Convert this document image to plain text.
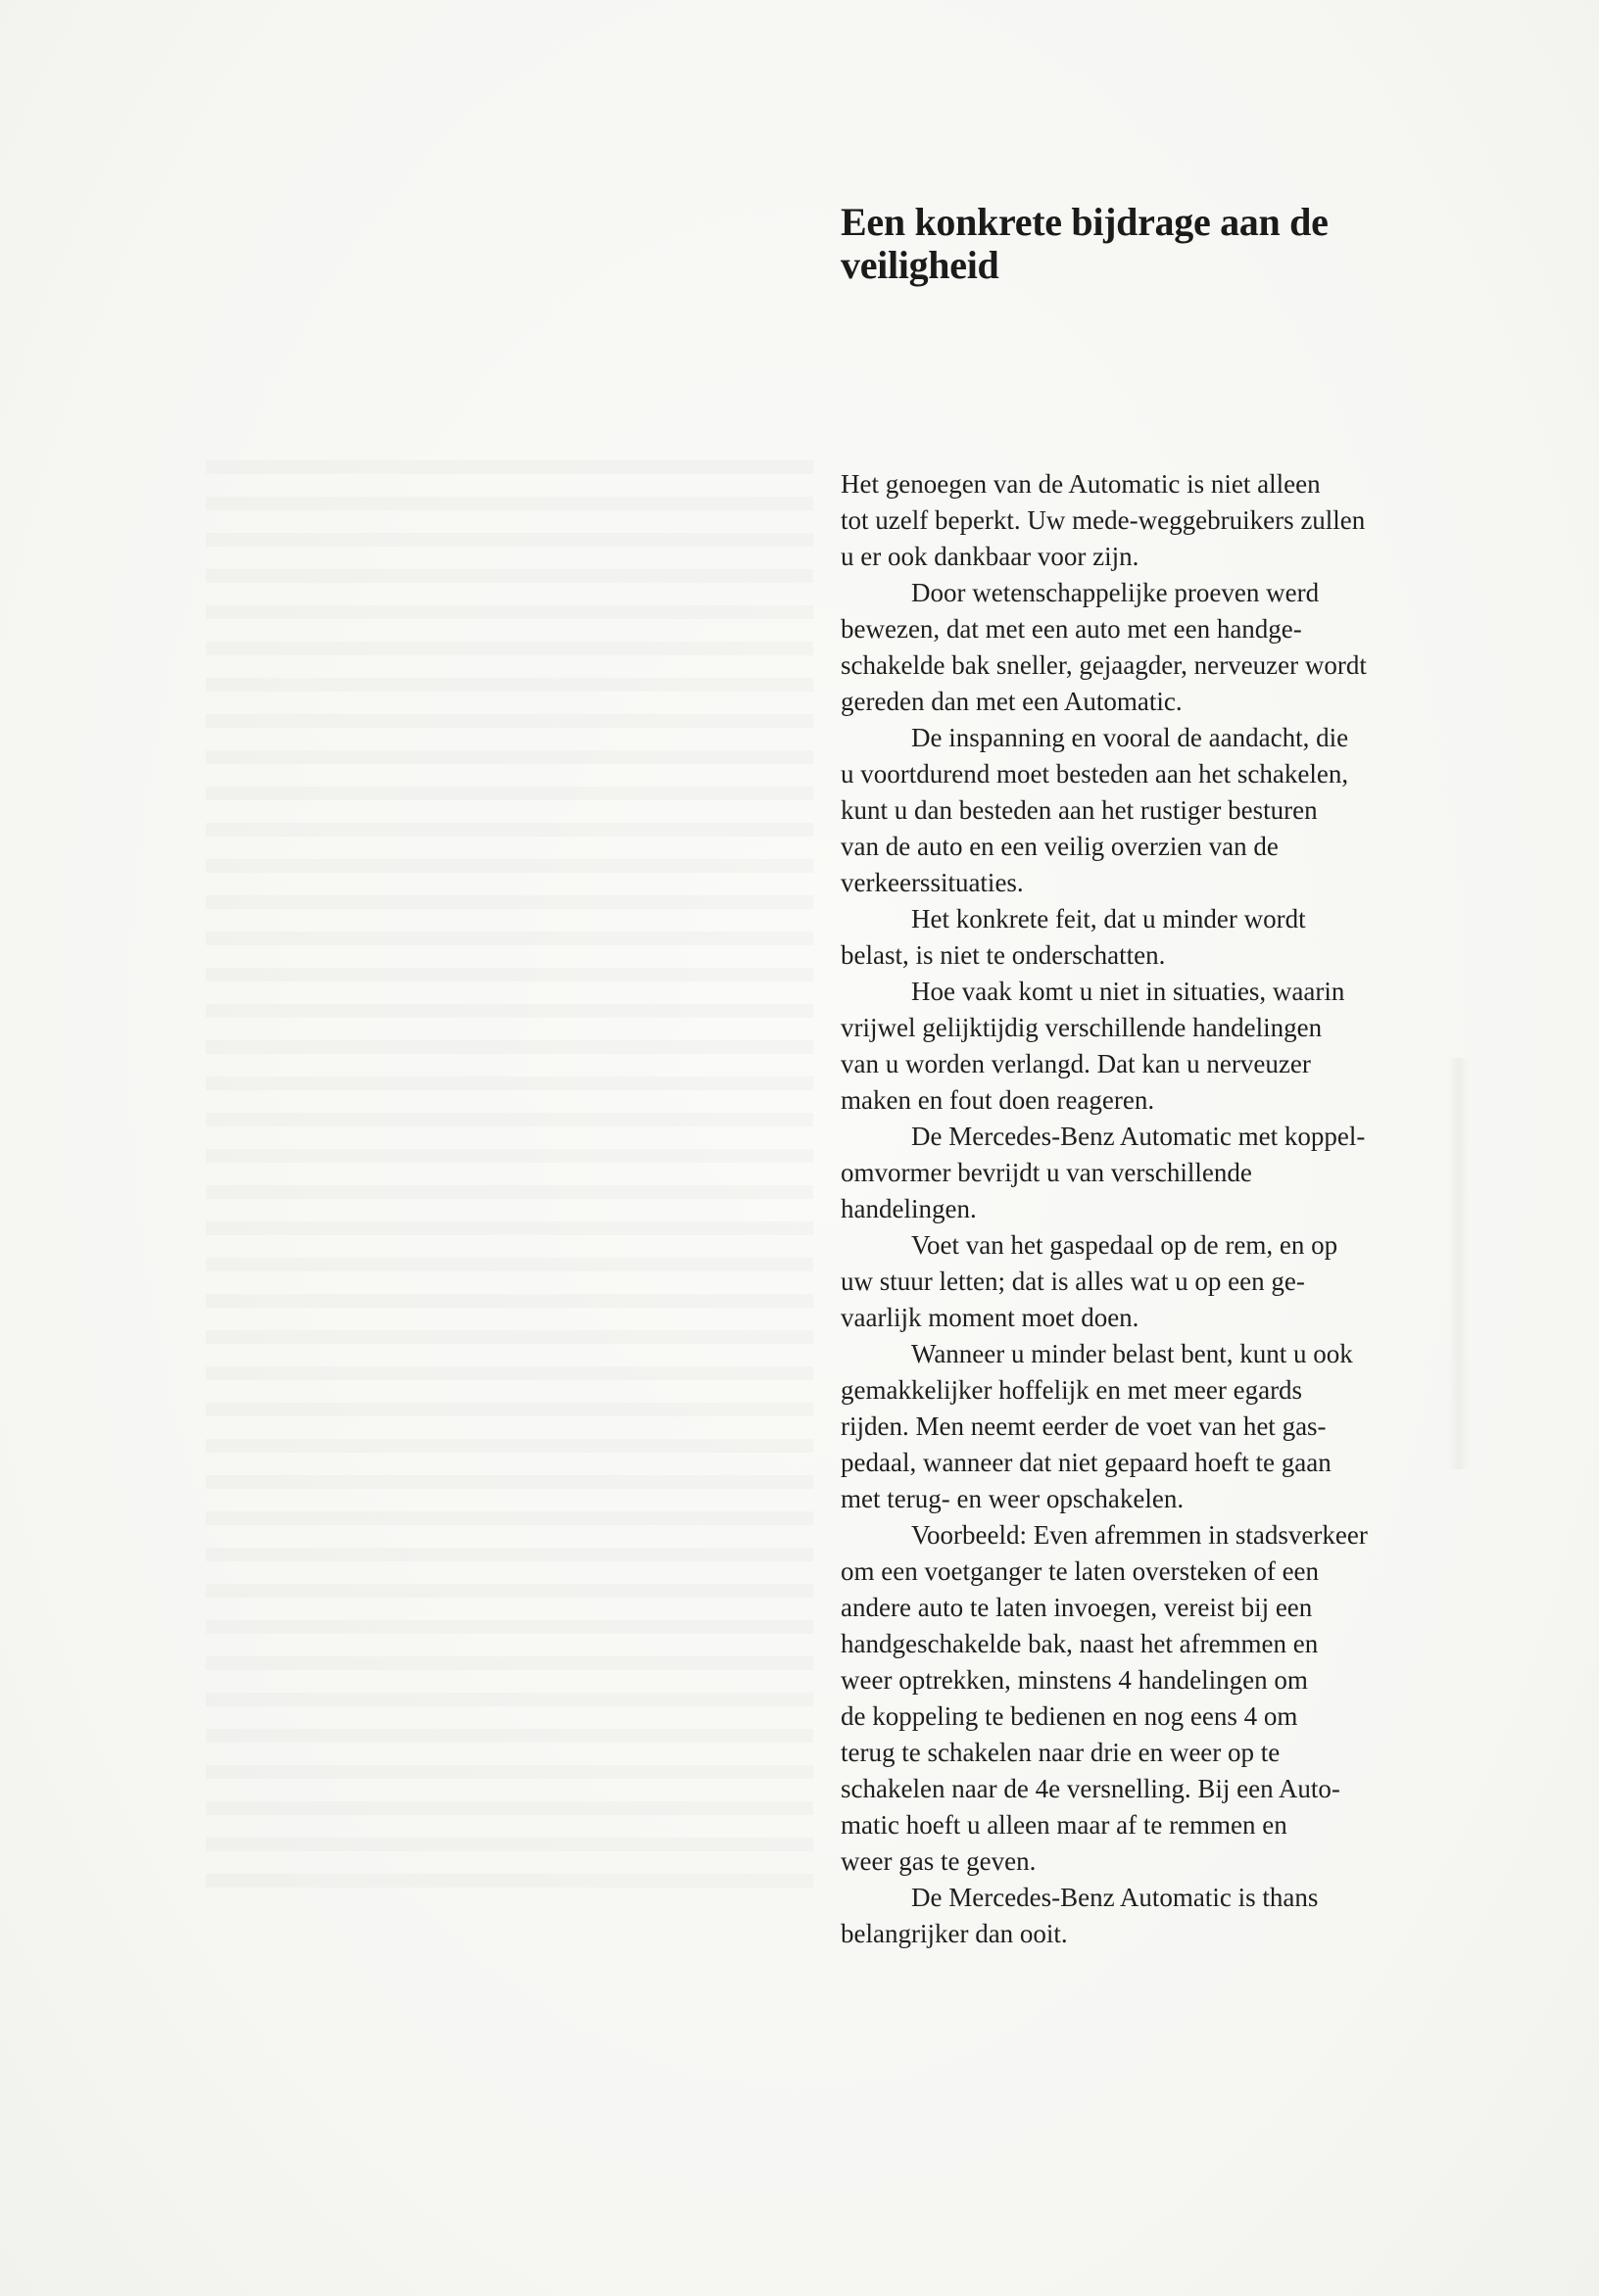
Een konkrete bijdrage aan de
veiligheid

Het genoegen van de Automatic is niet alleen

tot uzelf beperkt. Uw mede-weggebruikers zullen

u er ook dankbaar voor zijn.

Door wetenschappelijke proeven werd

bewezen, dat met een auto met een handge-

schakelde bak sneller, gejaagder, nerveuzer wordt

gereden dan met een Automatic.

De inspanning en vooral de aandacht, die

u voortdurend moet besteden aan het schakelen,

kunt u dan besteden aan het rustiger besturen

van de auto en een veilig overzien van de

verkeerssituaties.

Het konkrete feit, dat u minder wordt

belast, is niet te onderschatten.

Hoe vaak komt u niet in situaties, waarin

vrijwel gelijktijdig verschillende handelingen

van u worden verlangd. Dat kan u nerveuzer

maken en fout doen reageren.

De Mercedes-Benz Automatic met koppel-

omvormer bevrijdt u van verschillende

handelingen.

Voet van het gaspedaal op de rem, en op

uw stuur letten; dat is alles wat u op een ge-

vaarlijk moment moet doen.

Wanneer u minder belast bent, kunt u ook

gemakkelijker hoffelijk en met meer egards

rijden. Men neemt eerder de voet van het gas-

pedaal, wanneer dat niet gepaard hoeft te gaan

met terug- en weer opschakelen.

Voorbeeld: Even afremmen in stadsverkeer

om een voetganger te laten oversteken of een

andere auto te laten invoegen, vereist bij een

handgeschakelde bak, naast het afremmen en

weer optrekken, minstens 4 handelingen om

de koppeling te bedienen en nog eens 4 om

terug te schakelen naar drie en weer op te

schakelen naar de 4e versnelling. Bij een Auto-

matic hoeft u alleen maar af te remmen en

weer gas te geven.

De Mercedes-Benz Automatic is thans

belangrijker dan ooit.
